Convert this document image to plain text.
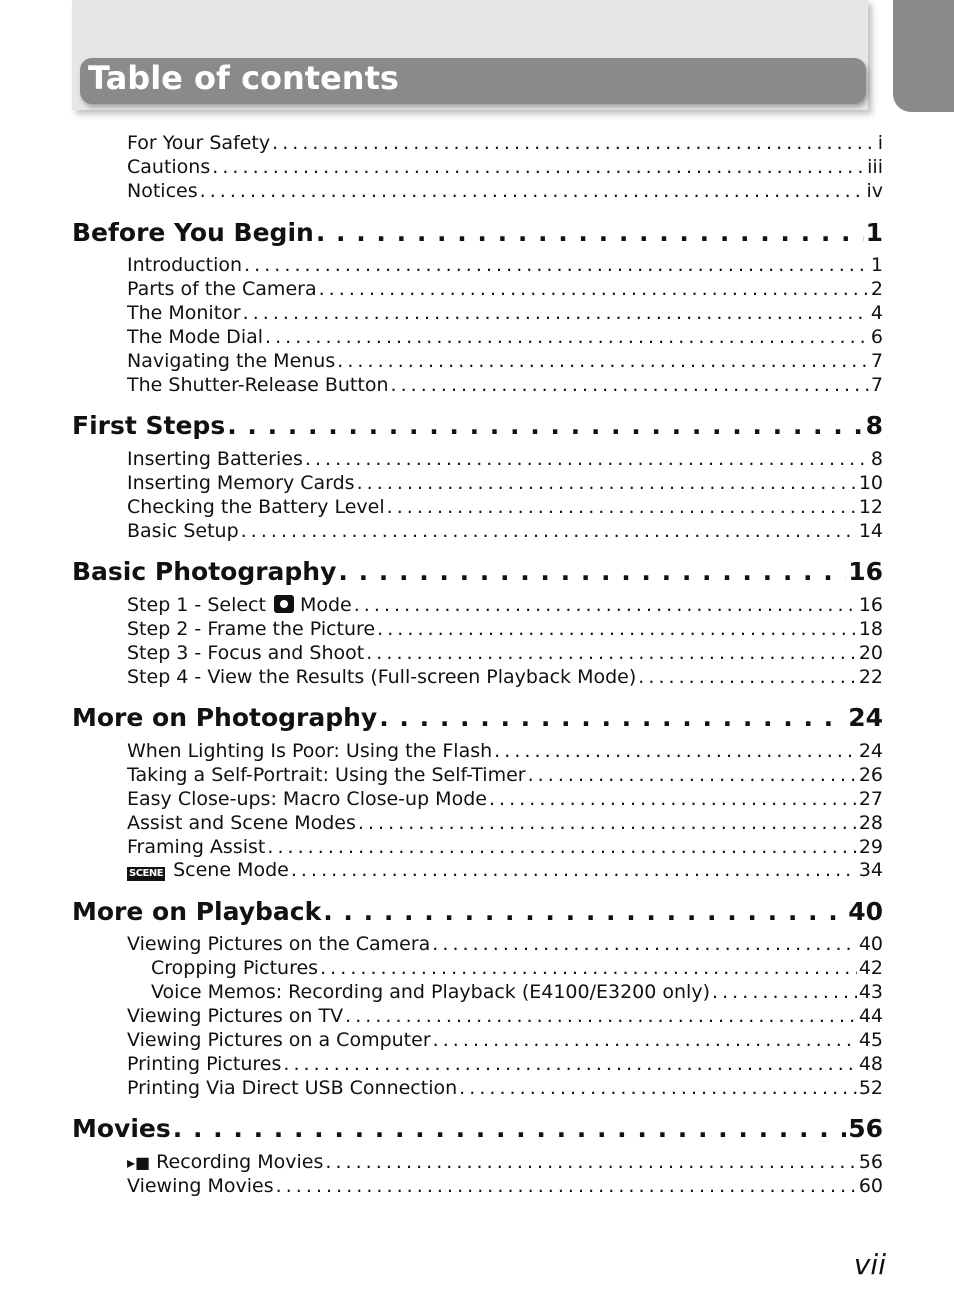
Table of contents
For Your Safety . . .	i
Cautions . . .	iii
Notices . . .	iv
Before You Begin . . .	1
Introduction . . .	1
Parts of the Camera . . .	2
The Monitor . . .	4
The Mode Dial . . .	6
Navigating the Menus . . .	7
The Shutter-Release Button . . .	7
First Steps . . .	8
Inserting Batteries . . .	8
Inserting Memory Cards . . .	10
Checking the Battery Level . . .	12
Basic Setup . . .	14
Basic Photography . . .	16
Step 1 - Select Mode . . .	16
Step 2 - Frame the Picture . . .	18
Step 3 - Focus and Shoot . . .	20
Step 4 - View the Results (Full-screen Playback Mode) . . .	22
More on Photography . . .	24
When Lighting Is Poor: Using the Flash . . .	24
Taking a Self-Portrait: Using the Self-Timer . . .	26
Easy Close-ups: Macro Close-up Mode . . .	27
Assist and Scene Modes . . .	28
Framing Assist . . .	29
SCENE Scene Mode . . .	34
More on Playback . . .	40
Viewing Pictures on the Camera . . .	40
Cropping Pictures . . .	42
Voice Memos: Recording and Playback (E4100/E3200 only) . . .	43
Viewing Pictures on TV . . .	44
Viewing Pictures on a Computer . . .	45
Printing Pictures . . .	48
Printing Via Direct USB Connection . . .	52
Movies . . .	56
▸■ Recording Movies . . .	56
Viewing Movies . . .	60
vii
